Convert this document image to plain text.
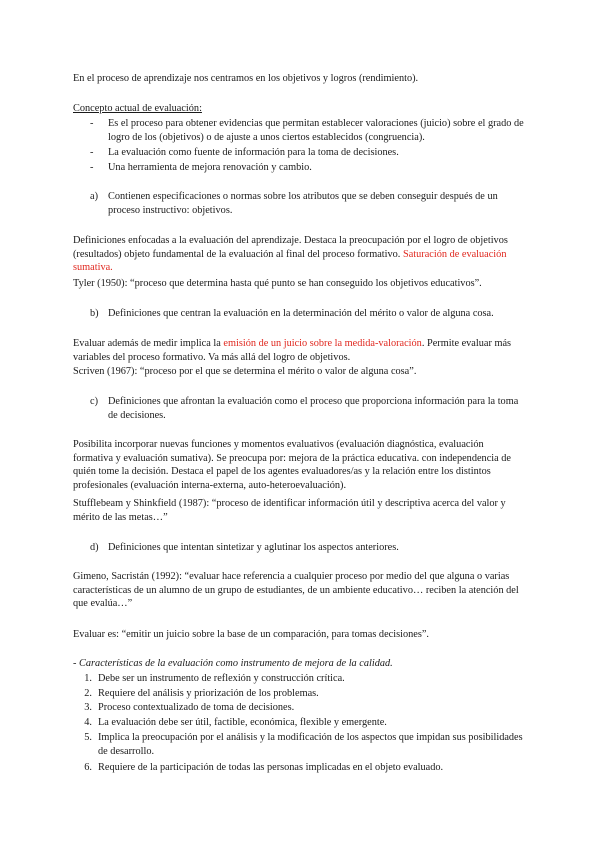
En el proceso de aprendizaje nos centramos en los objetivos y logros (rendimiento).

Concepto actual de evaluación:

-	Es el proceso para obtener evidencias que permitan establecer valoraciones (juicio) sobre el grado de logro de los (objetivos) o de ajuste a unos ciertos establecidos (congruencia).
-	La evaluación como fuente de información para la toma de decisiones.
-	Una herramienta de mejora renovación y cambio.
a) Contienen especificaciones o normas sobre los atributos que se deben conseguir después de un proceso instructivo: objetivos.

Definiciones enfocadas a la evaluación del aprendizaje. Destaca la preocupación por el logro de objetivos (resultados) objeto fundamental de la evaluación al final del proceso formativo. Saturación de evaluación sumativa.

Tyler (1950): “proceso que determina hasta qué punto se han conseguido los objetivos educativos”.

b) Definiciones que centran la evaluación en la determinación del mérito o valor de alguna cosa.

Evaluar además de medir implica la emisión de un juicio sobre la medida-valoración. Permite evaluar más variables del proceso formativo. Va más allá del logro de objetivos.

Scriven (1967): “proceso por el que se determina el mérito o valor de alguna cosa”.

c) Definiciones que afrontan la evaluación como el proceso que proporciona información para la toma de decisiones.

Posibilita incorporar nuevas funciones y momentos evaluativos (evaluación diagnóstica, evaluación formativa y evaluación sumativa). Se preocupa por: mejora de la práctica educativa. con independencia de quién tome la decisión. Destaca el papel de los agentes evaluadores/as y la relación entre los distintos profesionales (evaluación interna-externa, auto-heteroevaluación).

Stufflebeam y Shinkfield (1987): “proceso de identificar información útil y descriptiva acerca del valor y mérito de las metas…”

d) Definiciones que intentan sintetizar y aglutinar los aspectos anteriores.

Gimeno, Sacristán (1992): “evaluar hace referencia a cualquier proceso por medio del que alguna o varias características de un alumno de un grupo de estudiantes, de un ambiente educativo… reciben la atención del que evalúa…”

Evaluar es: “emitir un juicio sobre la base de un comparación, para tomas decisiones”.

- Características de la evaluación como instrumento de mejora de la calidad.

1. Debe ser un instrumento de reflexión y construcción crítica.
2. Requiere del análisis y priorización de los problemas.
3. Proceso contextualizado de toma de decisiones.
4. La evaluación debe ser útil, factible, económica, flexible y emergente.
5. Implica la preocupación por el análisis y la modificación de los aspectos que impidan sus posibilidades de desarrollo.
6. Requiere de la participación de todas las personas implicadas en el objeto evaluado.
